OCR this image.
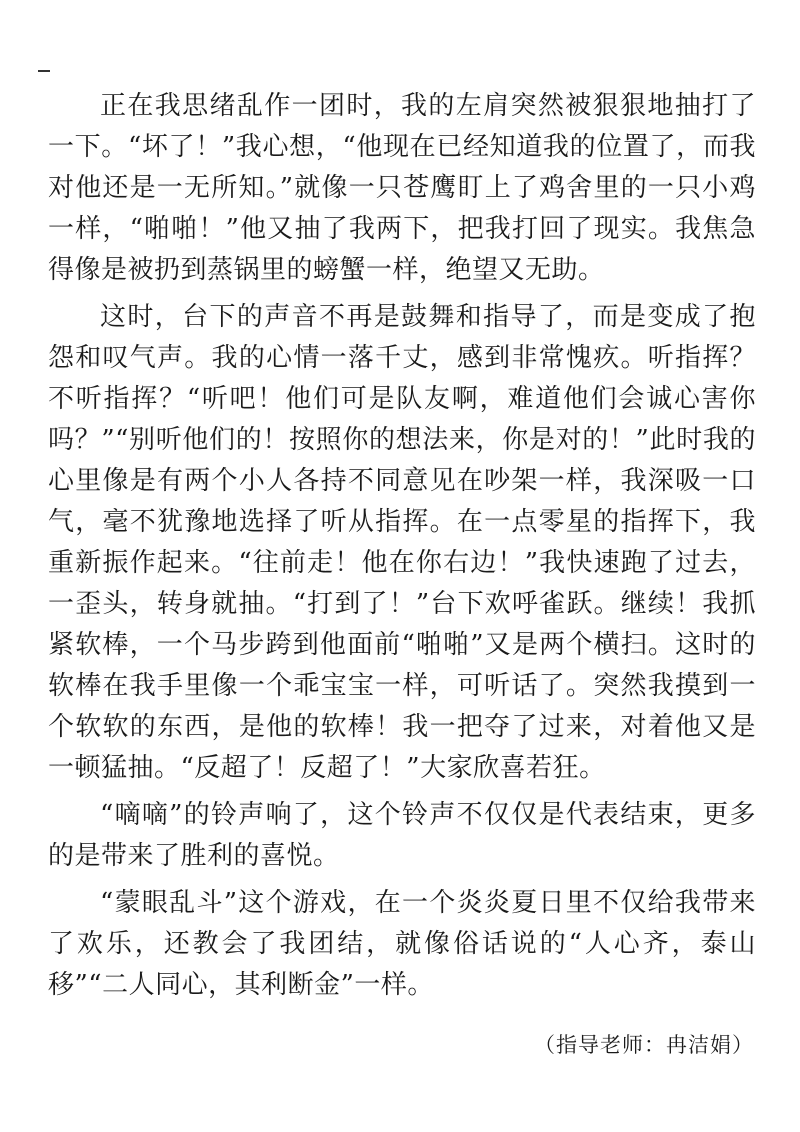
正在我思绪乱作一团时，我的左肩突然被狠狠地抽打了一下。“坏了！”我心想，“他现在已经知道我的位置了，而我对他还是一无所知。”就像一只苍鹰盯上了鸡舍里的一只小鸡一样，“啪啪！”他又抽了我两下，把我打回了现实。我焦急得像是被扔到蒸锅里的螃蟹一样，绝望又无助。

这时，台下的声音不再是鼓舞和指导了，而是变成了抱怨和叹气声。我的心情一落千丈，感到非常愧疚。听指挥？不听指挥？“听吧！他们可是队友啊，难道他们会诚心害你吗？”“别听他们的！按照你的想法来，你是对的！”此时我的心里像是有两个小人各持不同意见在吵架一样，我深吸一口气，毫不犹豫地选择了听从指挥。在一点零星的指挥下，我重新振作起来。“往前走！他在你右边！”我快速跑了过去，一歪头，转身就抽。“打到了！”台下欢呼雀跃。继续！我抓紧软棒，一个马步跨到他面前“啪啪”又是两个横扫。这时的软棒在我手里像一个乖宝宝一样，可听话了。突然我摸到一个软软的东西，是他的软棒！我一把夺了过来，对着他又是一顿猛抽。“反超了！反超了！”大家欣喜若狂。

“嘀嘀”的铃声响了，这个铃声不仅仅是代表结束，更多的是带来了胜利的喜悦。

“蒙眼乱斗”这个游戏，在一个炎炎夏日里不仅给我带来了欢乐，还教会了我团结，就像俗话说的“人心齐，泰山移”“二人同心，其利断金”一样。

（指导老师：冉洁娟）
